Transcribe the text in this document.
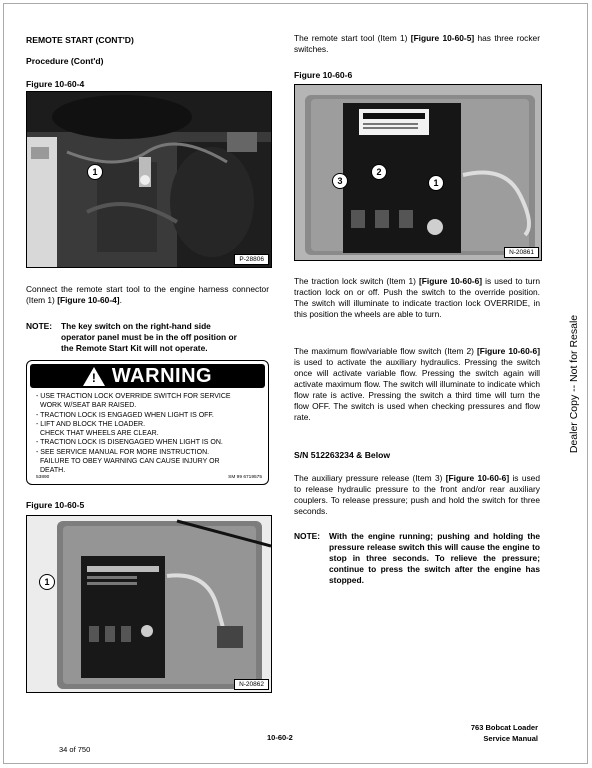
REMOTE START (CONT'D)
Procedure (Cont'd)
Figure 10-60-4
1
P-28806
Connect the remote start tool to the engine harness connector (Item 1) [Figure 10-60-4].
NOTE: The key switch on the right-hand side
operator panel must be in the off position or
the Remote Start Kit will not operate.
! WARNING
- USE TRACTION LOCK OVERRIDE SWITCH FOR SERVICE
WORK W/SEAT BAR RAISED.
- TRACTION LOCK IS ENGAGED WHEN LIGHT IS OFF.
- LIFT AND BLOCK THE LOADER.
CHECK THAT WHEELS ARE CLEAR.
- TRACTION LOCK IS DISENGAGED WHEN LIGHT IS ON.
- SEE SERVICE MANUAL FOR MORE INSTRUCTION.
FAILURE TO OBEY WARNING CAN CAUSE INJURY OR
DEATH.
53890	SM 99 6719575
Figure 10-60-5
1
N-20862
The remote start tool (Item 1) [Figure 10-60-5] has three rocker switches.
Figure 10-60-6
3
2
1
N-20861
The traction lock switch (Item 1) [Figure 10-60-6] is used to turn traction lock on or off. Push the switch to the override position. The switch will illuminate to indicate traction lock OVERRIDE, in this position the wheels are able to turn.
The maximum flow/variable flow switch (Item 2) [Figure 10-60-6] is used to activate the auxiliary hydraulics. Pressing the switch once will activate variable flow. Pressing the switch again will activate maximum flow. The switch will illuminate to indicate which flow rate is active. Pressing the switch a third time will turn the flow OFF. The switch is used when checking pressures and flow rate.
S/N 512263234 & Below
The auxiliary pressure release (Item 3) [Figure 10-60-6] is used to release hydraulic pressure to the front and/or rear auxiliary couplers. To release pressure; push and hold the switch for three seconds.
NOTE: With the engine running; pushing and holding the pressure release switch this will cause the engine to stop in three seconds. To relieve the pressure; continue to press the switch after the engine has stopped.
Dealer Copy -- Not for Resale
763 Bobcat Loader
Service Manual
10-60-2
34 of 750
